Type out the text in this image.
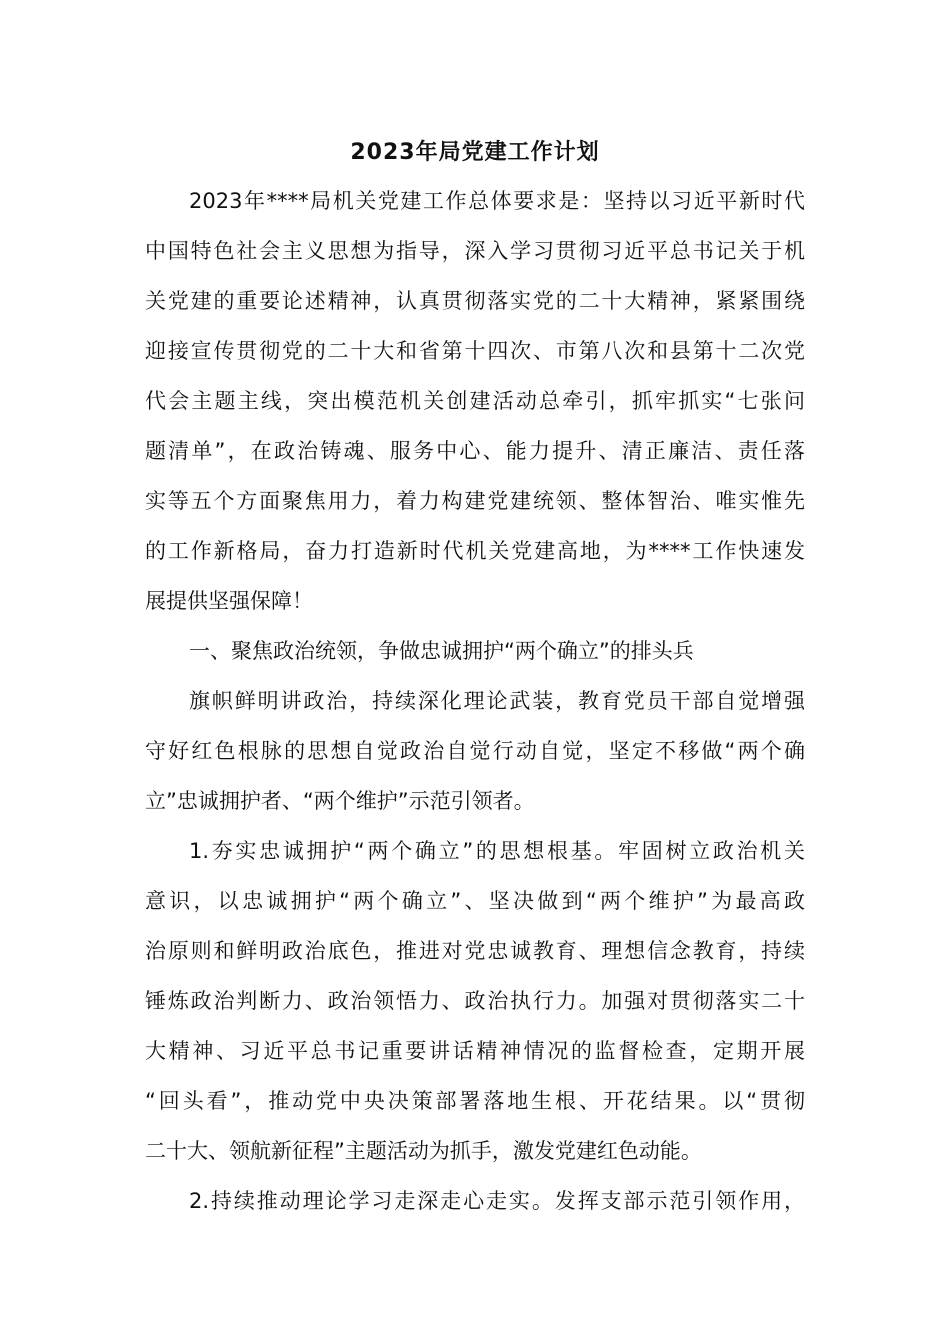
2023年局党建工作计划
2023年****局机关党建工作总体要求是：坚持以习近平新时代
中国特色社会主义思想为指导，深入学习贯彻习近平总书记关于机
关党建的重要论述精神，认真贯彻落实党的二十大精神，紧紧围绕
迎接宣传贯彻党的二十大和省第十四次、市第八次和县第十二次党
代会主题主线，突出模范机关创建活动总牵引，抓牢抓实“七张问
题清单”，在政治铸魂、服务中心、能力提升、清正廉洁、责任落
实等五个方面聚焦用力，着力构建党建统领、整体智治、唯实惟先
的工作新格局，奋力打造新时代机关党建高地，为****工作快速发
展提供坚强保障！
一、聚焦政治统领，争做忠诚拥护“两个确立”的排头兵
旗帜鲜明讲政治，持续深化理论武装，教育党员干部自觉增强
守好红色根脉的思想自觉政治自觉行动自觉，坚定不移做“两个确
立”忠诚拥护者、“两个维护”示范引领者。
1.夯实忠诚拥护“两个确立”的思想根基。牢固树立政治机关
意识，以忠诚拥护“两个确立”、坚决做到“两个维护”为最高政
治原则和鲜明政治底色，推进对党忠诚教育、理想信念教育，持续
锤炼政治判断力、政治领悟力、政治执行力。加强对贯彻落实二十
大精神、习近平总书记重要讲话精神情况的监督检查，定期开展
“回头看”，推动党中央决策部署落地生根、开花结果。以“贯彻
二十大、领航新征程”主题活动为抓手，激发党建红色动能。
2.持续推动理论学习走深走心走实。发挥支部示范引领作用，
